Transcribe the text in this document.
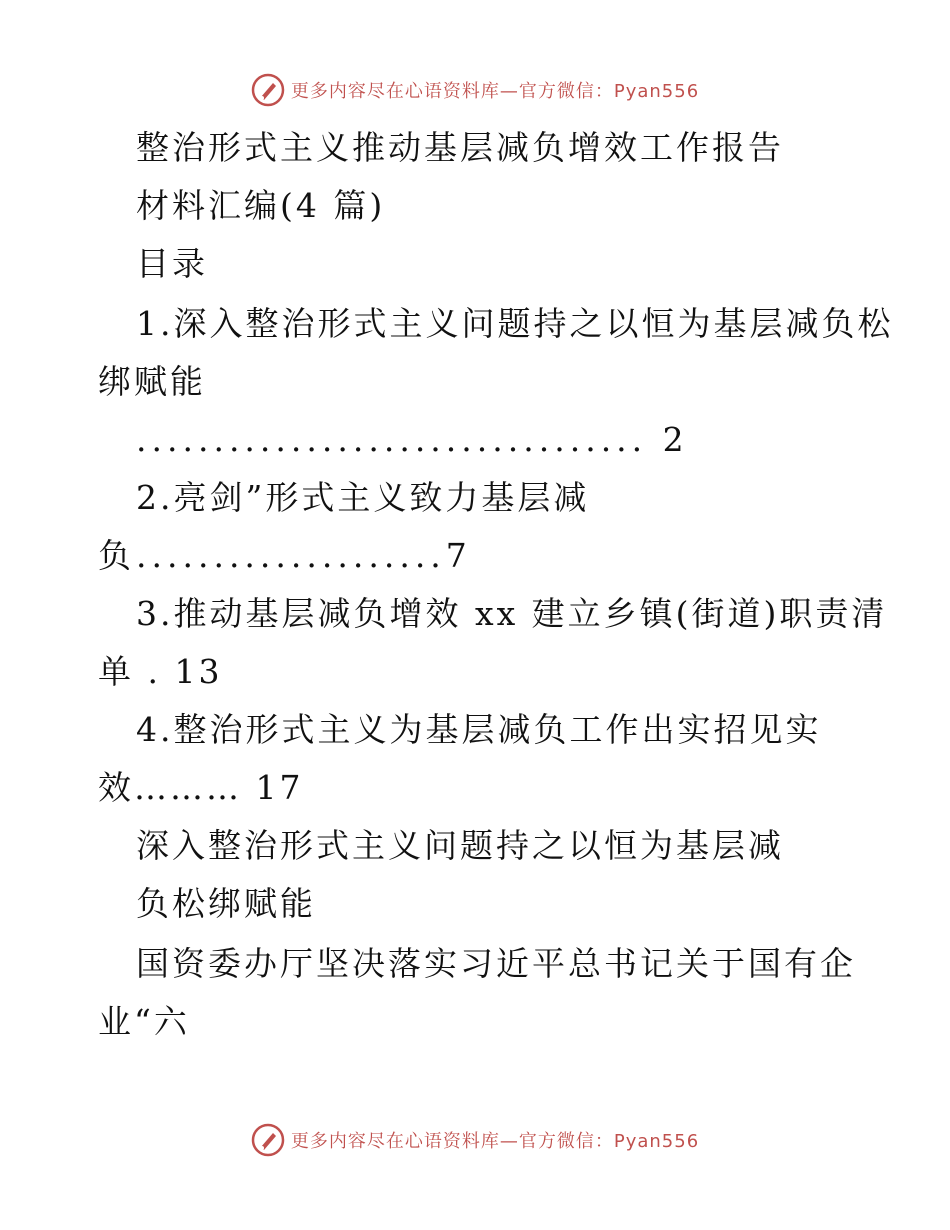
更多内容尽在心语资料库—官方微信：Pyan556
整治形式主义推动基层减负增效工作报告
材料汇编(4 篇)
目录
1.深入整治形式主义问题持之以恒为基层减负松
绑赋能
................................. 2
2.亮剑”形式主义致力基层减
负....................7
3.推动基层减负增效 xx 建立乡镇(街道)职责清
单 . 13
4.整治形式主义为基层减负工作出实招见实
效……… 17
深入整治形式主义问题持之以恒为基层减
负松绑赋能
国资委办厅坚决落实习近平总书记关于国有企
业“六
更多内容尽在心语资料库—官方微信：Pyan556
